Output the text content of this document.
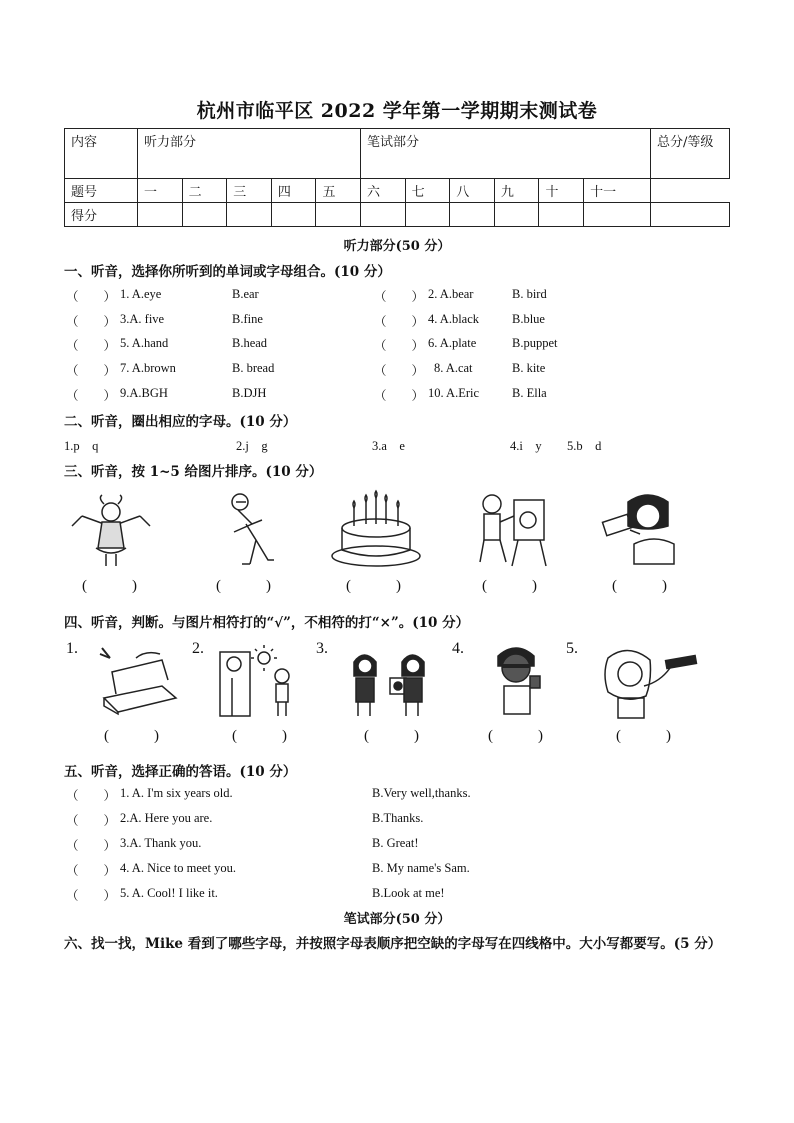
杭州市临平区 2022 学年第一学期期末测试卷
内容	听力部分					笔试部分						总分/等级
题号	一	二	三	四	五	六	七	八	九	十	十一	
得分												
听力部分(50 分）
一、听音，选择你所听到的单词或字母组合。(10 分）
（　　） 1. A.eye	B.ear	（　　） 2. A.bear	B. bird
（　　） 3.A. five	B.fine	（　　） 4. A.black	B.blue
（　　） 5. A.hand	B.head	（　　） 6. A.plate	B.puppet
（　　） 7. A.brown	B. bread	（　　） 8. A.cat	B. kite
（　　） 9.A.BGH	B.DJH	（　　） 10. A.Eric	B. Ella
二、听音，圈出相应的字母。(10 分）
1.p　q	2.j　g	3.a　e	4.i　y 5.b　d
三、听音，按 1~5 给图片排序。(10 分）
(　　　)	(　　　)	(　　　)	(　　　)	(　　　)
四、听音，判断。与图片相符打的“√”，不相符的打“×”。(10 分）
1.	2.	3.	4.	5.
(　　　)	(　　　)	(　　　)	(　　　)	(　　　)
五、听音，选择正确的答语。(10 分）
（　　） 1. A. I'm six years old.	B.Very well,thanks.
（　　） 2.A. Here you are.	B.Thanks.
（　　） 3.A. Thank you.	B. Great!
（　　） 4. A. Nice to meet you.	B. My name's Sam.
（　　） 5. A. Cool! I like it.	B.Look at me!
笔试部分(50 分）
六、找一找，Mike 看到了哪些字母，并按照字母表顺序把空缺的字母写在四线格中。大小写都要写。(5 分）
